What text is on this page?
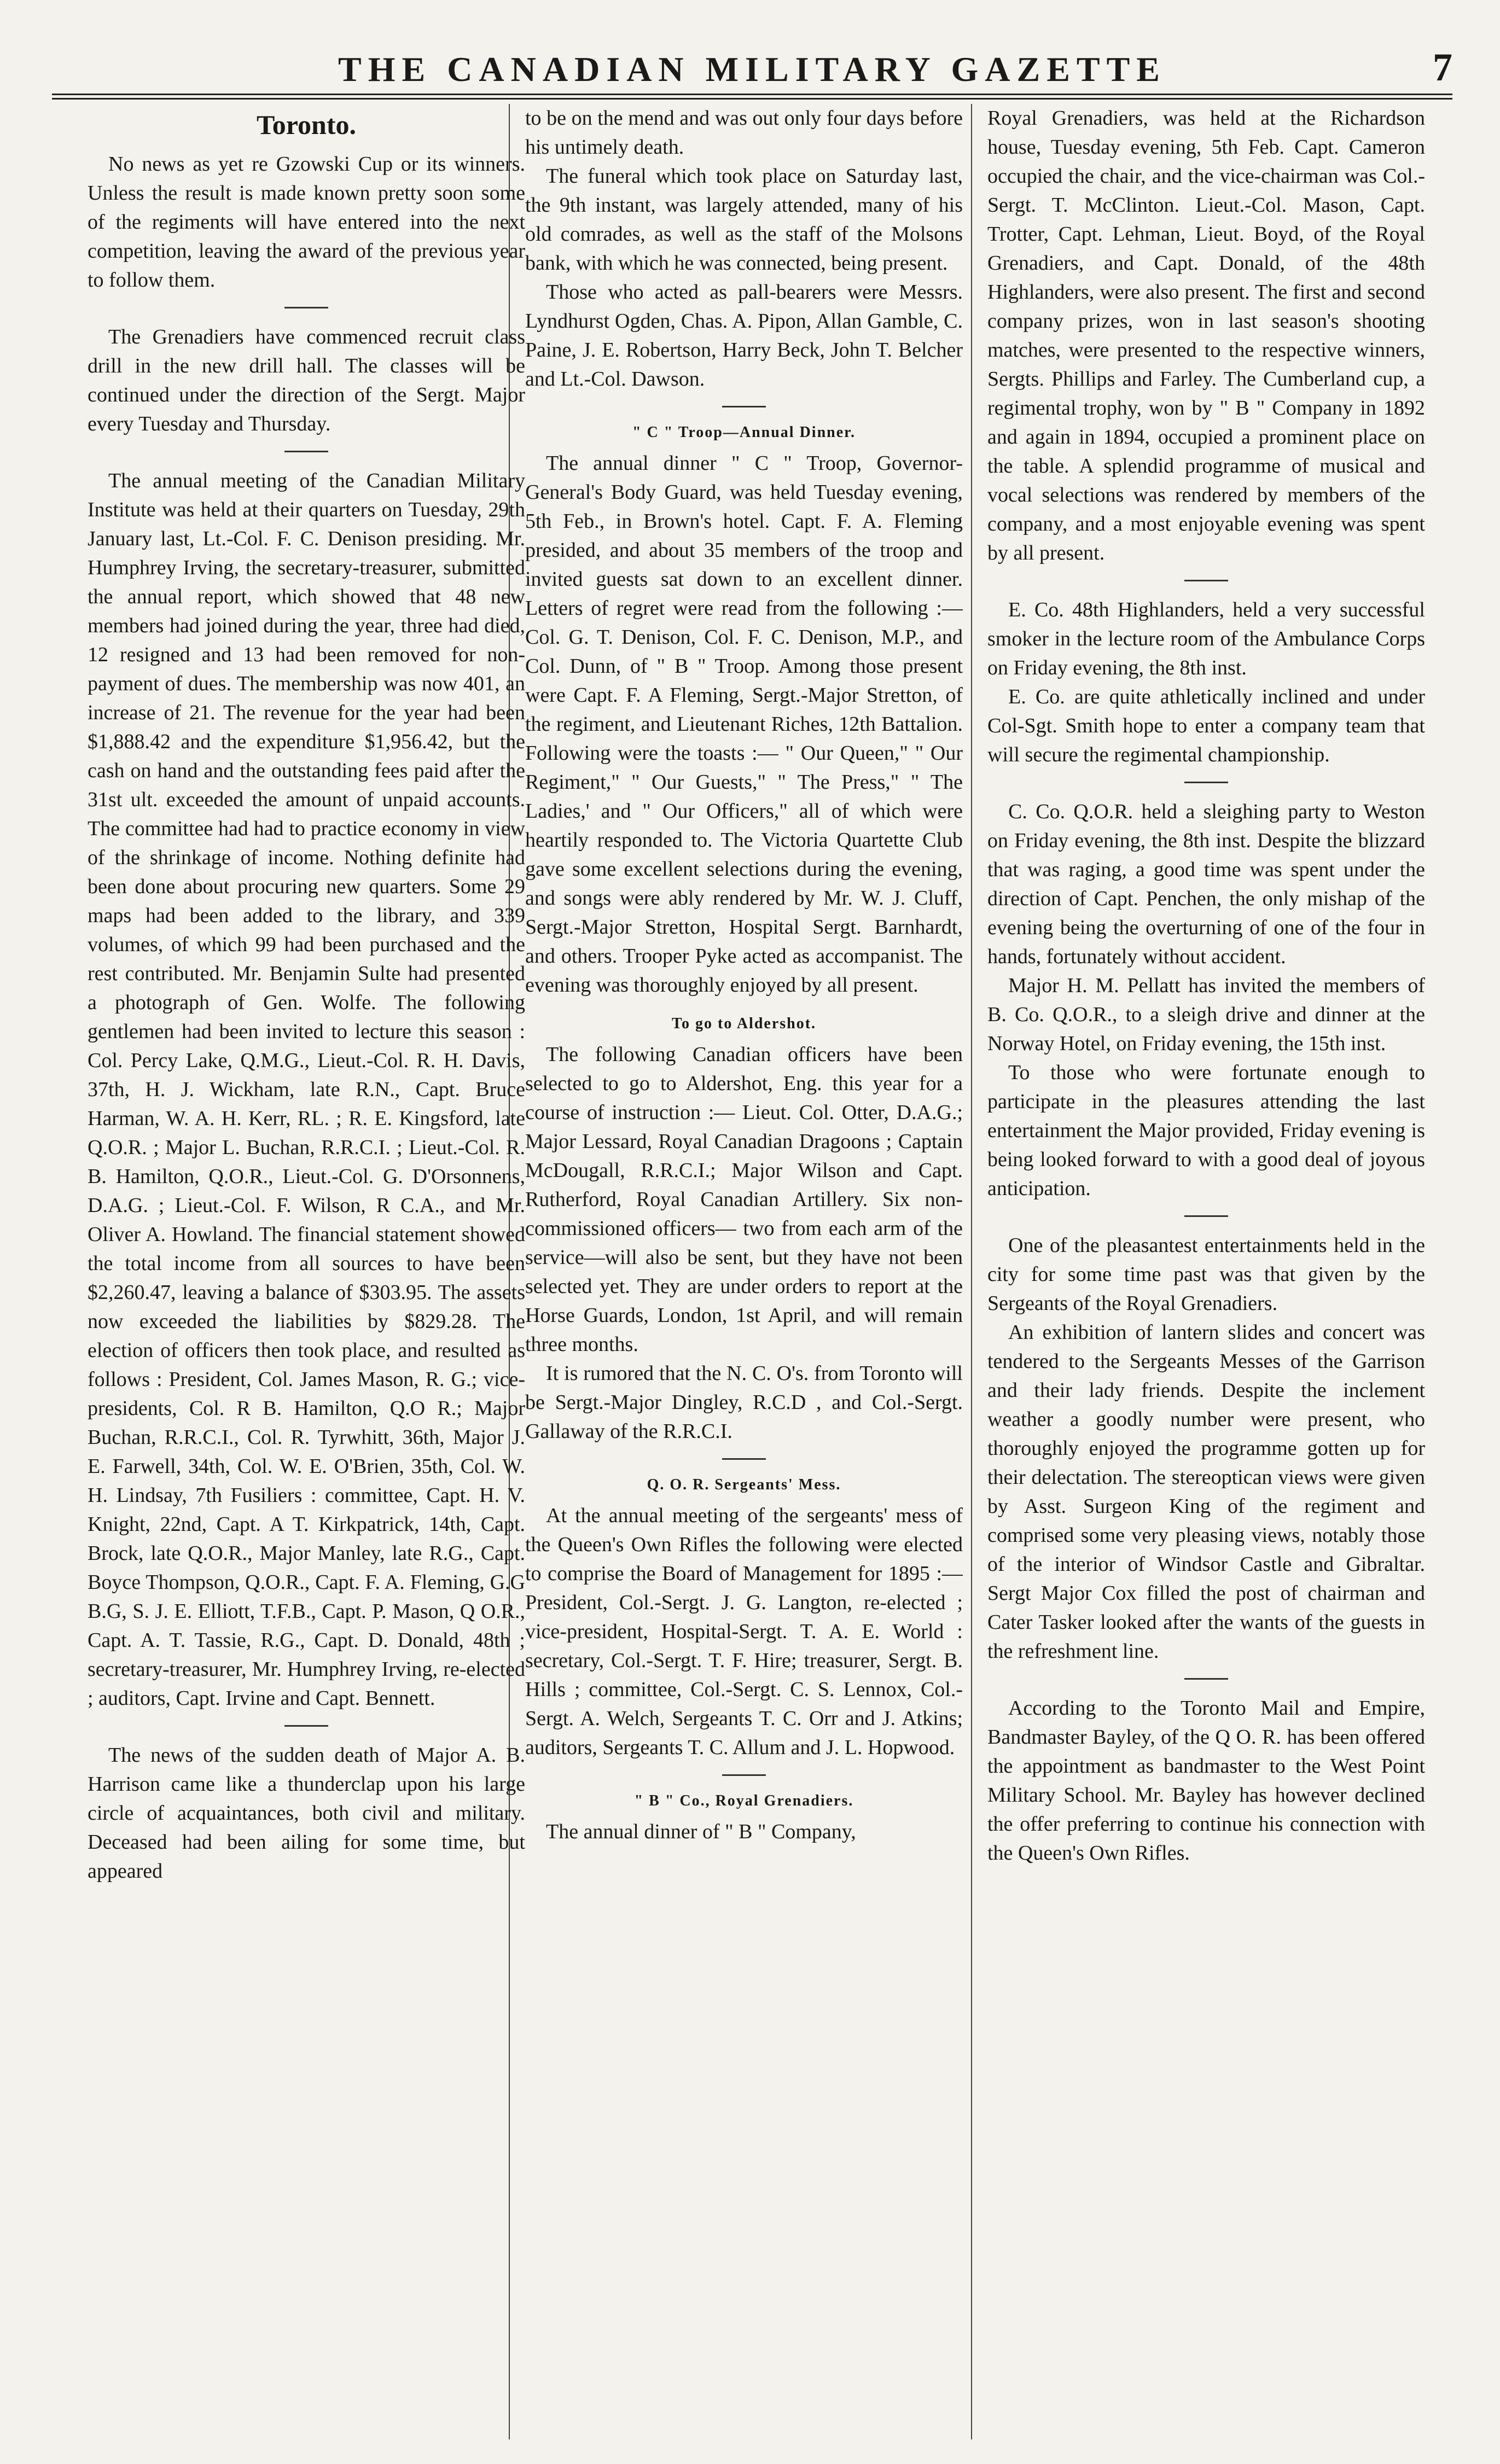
THE CANADIAN MILITARY GAZETTE	7
Toronto.

No news as yet re Gzowski Cup or its winners. Unless the result is made known pretty soon some of the regiments will have entered into the next competition, leaving the award of the previous year to follow them.

The Grenadiers have commenced recruit class drill in the new drill hall. The classes will be continued under the direction of the Sergt. Major every Tuesday and Thursday.

The annual meeting of the Canadian Military Institute was held at their quarters on Tuesday, 29th January last, Lt.-Col. F. C. Denison presiding. Mr. Humphrey Irving, the secretary-treasurer, submitted the annual report, which showed that 48 new members had joined during the year, three had died, 12 resigned and 13 had been removed for non-payment of dues. The membership was now 401, an increase of 21. The revenue for the year had been $1,888.42 and the expenditure $1,956.42, but the cash on hand and the outstanding fees paid after the 31st ult. exceeded the amount of unpaid accounts. The committee had had to practice economy in view of the shrinkage of income. Nothing definite had been done about procuring new quarters. Some 29 maps had been added to the library, and 339 volumes, of which 99 had been purchased and the rest contributed. Mr. Benjamin Sulte had presented a photograph of Gen. Wolfe. The following gentlemen had been invited to lecture this season : Col. Percy Lake, Q.M.G., Lieut.-Col. R. H. Davis, 37th, H. J. Wickham, late R.N., Capt. Bruce Harman, W. A. H. Kerr, RL. ; R. E. Kingsford, late Q.O.R. ; Major L. Buchan, R.R.C.I. ; Lieut.-Col. R. B. Hamilton, Q.O.R., Lieut.-Col. G. D'Orsonnens, D.A.G. ; Lieut.-Col. F. Wilson, R C.A., and Mr. Oliver A. Howland. The financial statement showed the total income from all sources to have been $2,260.47, leaving a balance of $303.95. The assets now exceeded the liabilities by $829.28. The election of officers then took place, and resulted as follows : President, Col. James Mason, R. G.; vice-presidents, Col. R B. Hamilton, Q.O R.; Major Buchan, R.R.C.I., Col. R. Tyrwhitt, 36th, Major J. E. Farwell, 34th, Col. W. E. O'Brien, 35th, Col. W. H. Lindsay, 7th Fusiliers : committee, Capt. H. V. Knight, 22nd, Capt. A T. Kirkpatrick, 14th, Capt. Brock, late Q.O.R., Major Manley, late R.G., Capt. Boyce Thompson, Q.O.R., Capt. F. A. Fleming, G.G B.G, S. J. E. Elliott, T.F.B., Capt. P. Mason, Q O.R., Capt. A. T. Tassie, R.G., Capt. D. Donald, 48th ; secretary-treasurer, Mr. Humphrey Irving, re-elected ; auditors, Capt. Irvine and Capt. Bennett.

The news of the sudden death of Major A. B. Harrison came like a thunderclap upon his large circle of acquaintances, both civil and military. Deceased had been ailing for some time, but appeared

to be on the mend and was out only four days before his untimely death.

The funeral which took place on Saturday last, the 9th instant, was largely attended, many of his old comrades, as well as the staff of the Molsons bank, with which he was connected, being present.

Those who acted as pall-bearers were Messrs. Lyndhurst Ogden, Chas. A. Pipon, Allan Gamble, C. Paine, J. E. Robertson, Harry Beck, John T. Belcher and Lt.-Col. Dawson.

" C " Troop—Annual Dinner.

The annual dinner " C " Troop, Governor-General's Body Guard, was held Tuesday evening, 5th Feb., in Brown's hotel. Capt. F. A. Fleming presided, and about 35 members of the troop and invited guests sat down to an excellent dinner. Letters of regret were read from the following :— Col. G. T. Denison, Col. F. C. Denison, M.P., and Col. Dunn, of " B " Troop. Among those present were Capt. F. A Fleming, Sergt.-Major Stretton, of the regiment, and Lieutenant Riches, 12th Battalion. Following were the toasts :— " Our Queen," " Our Regiment," " Our Guests," " The Press," " The Ladies,' and " Our Officers," all of which were heartily responded to. The Victoria Quartette Club gave some excellent selections during the evening, and songs were ably rendered by Mr. W. J. Cluff, Sergt.-Major Stretton, Hospital Sergt. Barnhardt, and others. Trooper Pyke acted as accompanist. The evening was thoroughly enjoyed by all present.

To go to Aldershot.

The following Canadian officers have been selected to go to Aldershot, Eng. this year for a course of instruction :— Lieut. Col. Otter, D.A.G.; Major Lessard, Royal Canadian Dragoons ; Captain McDougall, R.R.C.I.; Major Wilson and Capt. Rutherford, Royal Canadian Artillery. Six non-commissioned officers— two from each arm of the service—will also be sent, but they have not been selected yet. They are under orders to report at the Horse Guards, London, 1st April, and will remain three months.

It is rumored that the N. C. O's. from Toronto will be Sergt.-Major Dingley, R.C.D , and Col.-Sergt. Gallaway of the R.R.C.I.

Q. O. R. Sergeants' Mess.

At the annual meeting of the sergeants' mess of the Queen's Own Rifles the following were elected to comprise the Board of Management for 1895 :—President, Col.-Sergt. J. G. Langton, re-elected ; vice-president, Hospital-Sergt. T. A. E. World : secretary, Col.-Sergt. T. F. Hire; treasurer, Sergt. B. Hills ; committee, Col.-Sergt. C. S. Lennox, Col.-Sergt. A. Welch, Sergeants T. C. Orr and J. Atkins; auditors, Sergeants T. C. Allum and J. L. Hopwood.

" B " Co., Royal Grenadiers.

The annual dinner of " B " Company,

Royal Grenadiers, was held at the Richardson house, Tuesday evening, 5th Feb. Capt. Cameron occupied the chair, and the vice-chairman was Col.-Sergt. T. McClinton. Lieut.-Col. Mason, Capt. Trotter, Capt. Lehman, Lieut. Boyd, of the Royal Grenadiers, and Capt. Donald, of the 48th Highlanders, were also present. The first and second company prizes, won in last season's shooting matches, were presented to the respective winners, Sergts. Phillips and Farley. The Cumberland cup, a regimental trophy, won by " B " Company in 1892 and again in 1894, occupied a prominent place on the table. A splendid programme of musical and vocal selections was rendered by members of the company, and a most enjoyable evening was spent by all present.

E. Co. 48th Highlanders, held a very successful smoker in the lecture room of the Ambulance Corps on Friday evening, the 8th inst.

E. Co. are quite athletically inclined and under Col-Sgt. Smith hope to enter a company team that will secure the regimental championship.

C. Co. Q.O.R. held a sleighing party to Weston on Friday evening, the 8th inst. Despite the blizzard that was raging, a good time was spent under the direction of Capt. Penchen, the only mishap of the evening being the overturning of one of the four in hands, fortunately without accident.

Major H. M. Pellatt has invited the members of B. Co. Q.O.R., to a sleigh drive and dinner at the Norway Hotel, on Friday evening, the 15th inst.

To those who were fortunate enough to participate in the pleasures attending the last entertainment the Major provided, Friday evening is being looked forward to with a good deal of joyous anticipation.

One of the pleasantest entertainments held in the city for some time past was that given by the Sergeants of the Royal Grenadiers.

An exhibition of lantern slides and concert was tendered to the Sergeants Messes of the Garrison and their lady friends. Despite the inclement weather a goodly number were present, who thoroughly enjoyed the programme gotten up for their delectation. The stereoptican views were given by Asst. Surgeon King of the regiment and comprised some very pleasing views, notably those of the interior of Windsor Castle and Gibraltar. Sergt Major Cox filled the post of chairman and Cater Tasker looked after the wants of the guests in the refreshment line.

According to the Toronto Mail and Empire, Bandmaster Bayley, of the Q O. R. has been offered the appointment as bandmaster to the West Point Military School. Mr. Bayley has however declined the offer preferring to continue his connection with the Queen's Own Rifles.
